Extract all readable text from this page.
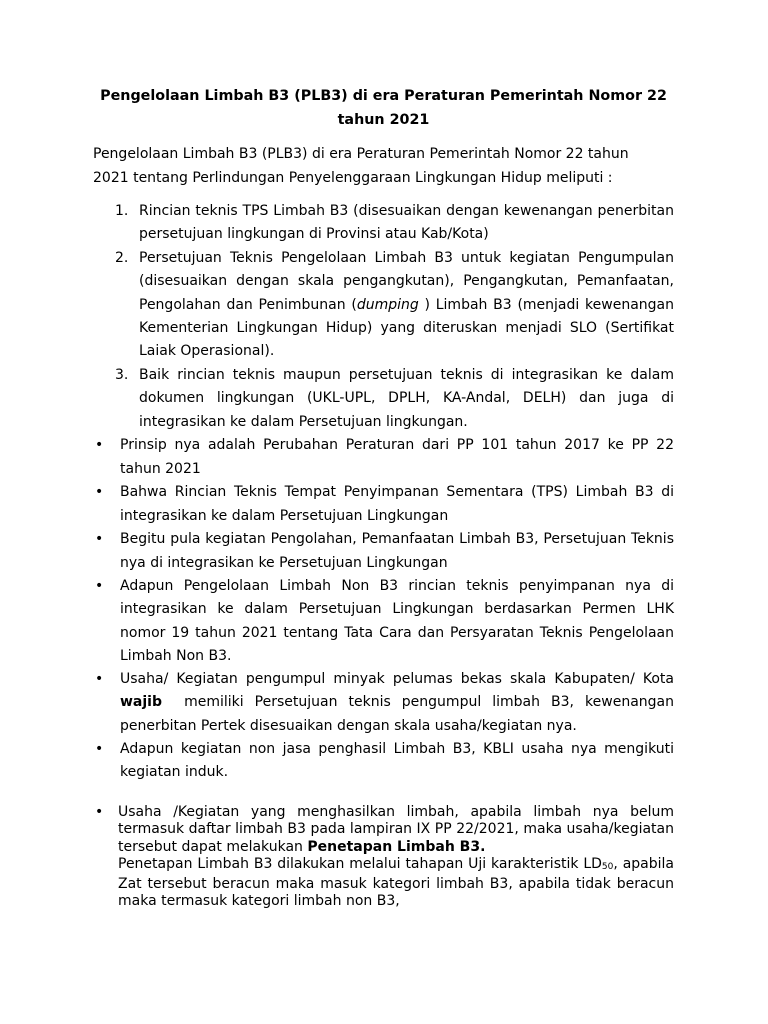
Pengelolaan Limbah B3 (PLB3) di era Peraturan Pemerintah Nomor 22 tahun 2021

Pengelolaan Limbah B3 (PLB3) di era Peraturan Pemerintah Nomor 22 tahun

2021 tentang Perlindungan Penyelenggaraan Lingkungan Hidup meliputi :

1. Rincian teknis TPS Limbah B3 (disesuaikan dengan kewenangan penerbitan persetujuan lingkungan di Provinsi atau Kab/Kota)
2. Persetujuan Teknis Pengelolaan Limbah B3 untuk kegiatan Pengumpulan (disesuaikan dengan skala pengangkutan), Pengangkutan, Pemanfaatan, Pengolahan dan Penimbunan (dumping ) Limbah B3 (menjadi kewenangan Kementerian Lingkungan Hidup) yang diteruskan menjadi SLO (Sertifikat Laiak Operasional).
3. Baik rincian teknis maupun persetujuan teknis di integrasikan ke dalam dokumen lingkungan (UKL-UPL, DPLH, KA-Andal, DELH) dan juga di integrasikan ke dalam Persetujuan lingkungan.
• Prinsip nya adalah Perubahan Peraturan dari PP 101 tahun 2017 ke PP 22 tahun 2021
• Bahwa Rincian Teknis Tempat Penyimpanan Sementara (TPS) Limbah B3 di integrasikan ke dalam Persetujuan Lingkungan
• Begitu pula kegiatan Pengolahan, Pemanfaatan Limbah B3, Persetujuan Teknis nya di integrasikan ke Persetujuan Lingkungan
• Adapun Pengelolaan Limbah Non B3 rincian teknis penyimpanan nya di integrasikan ke dalam Persetujuan Lingkungan berdasarkan Permen LHK nomor 19 tahun 2021 tentang Tata Cara dan Persyaratan Teknis Pengelolaan Limbah Non B3.
• Usaha/ Kegiatan pengumpul minyak pelumas bekas skala Kabupaten/ Kota wajib  memiliki Persetujuan teknis pengumpul limbah B3, kewenangan penerbitan Pertek disesuaikan dengan skala usaha/kegiatan nya.
• Adapun kegiatan non jasa penghasil Limbah B3, KBLI usaha nya mengikuti kegiatan induk.
• Usaha /Kegiatan yang menghasilkan limbah, apabila limbah nya belum termasuk daftar limbah B3 pada lampiran IX PP 22/2021, maka usaha/kegiatan tersebut dapat melakukan Penetapan Limbah B3.

Penetapan Limbah B3 dilakukan melalui tahapan Uji karakteristik $LD_{50}$, apabila Zat tersebut beracun maka masuk kategori limbah B3, apabila tidak beracun maka termasuk kategori limbah non B3,
